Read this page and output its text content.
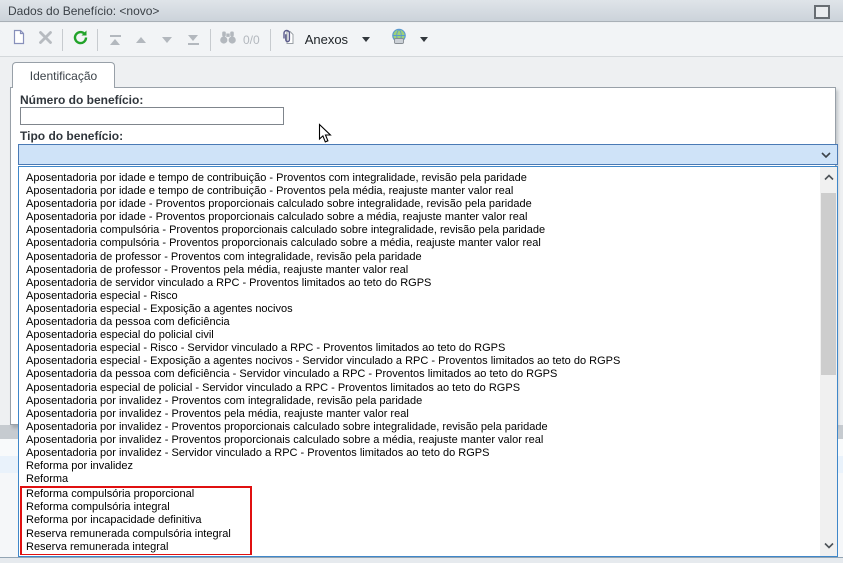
Dados do Benefício: <novo>
0/0	Anexos
Identificação
Número do benefício:
Tipo do benefício:
Aposentadoria por idade e tempo de contribuição - Proventos com integralidade, revisão pela paridade
Aposentadoria por idade e tempo de contribuição - Proventos pela média, reajuste manter valor real
Aposentadoria por idade - Proventos proporcionais calculado sobre integralidade, revisão pela paridade
Aposentadoria por idade - Proventos proporcionais calculado sobre a média, reajuste manter valor real
Aposentadoria compulsória - Proventos proporcionais calculado sobre integralidade, revisão pela paridade
Aposentadoria compulsória - Proventos proporcionais calculado sobre a média, reajuste manter valor real
Aposentadoria de professor - Proventos com integralidade, revisão pela paridade
Aposentadoria de professor - Proventos pela média, reajuste manter valor real
Aposentadoria de servidor vinculado a RPC - Proventos limitados ao teto do RGPS
Aposentadoria especial - Risco
Aposentadoria especial - Exposição a agentes nocivos
Aposentadoria da pessoa com deficiência
Aposentadoria especial do policial civil
Aposentadoria especial - Risco - Servidor vinculado a RPC - Proventos limitados ao teto do RGPS
Aposentadoria especial - Exposição a agentes nocivos - Servidor vinculado a RPC - Proventos limitados ao teto do RGPS
Aposentadoria da pessoa com deficiência - Servidor vinculado a RPC - Proventos limitados ao teto do RGPS
Aposentadoria especial de policial - Servidor vinculado a RPC - Proventos limitados ao teto do RGPS
Aposentadoria por invalidez - Proventos com integralidade, revisão pela paridade
Aposentadoria por invalidez - Proventos pela média, reajuste manter valor real
Aposentadoria por invalidez - Proventos proporcionais calculado sobre integralidade, revisão pela paridade
Aposentadoria por invalidez - Proventos proporcionais calculado sobre a média, reajuste manter valor real
Aposentadoria por invalidez - Servidor vinculado a RPC - Proventos limitados ao teto do RGPS
Reforma por invalidez
Reforma
Reforma compulsória proporcional
Reforma compulsória integral
Reforma por incapacidade definitiva
Reserva remunerada compulsória integral
Reserva remunerada integral
